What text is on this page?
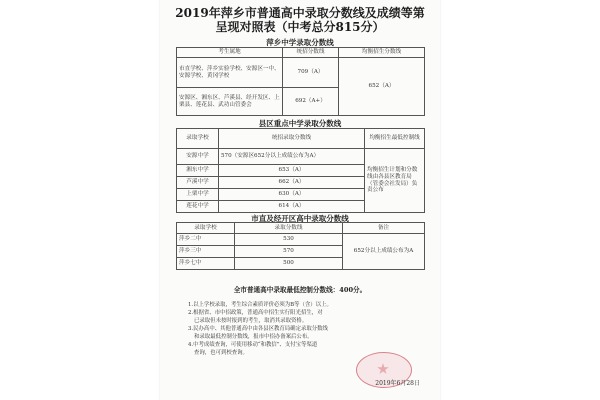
2019年萍乡市普通高中录取分数线及成绩等第
呈现对照表（中考总分815分）
萍乡中学录取分数线
考生属地	统招分数线	均衡招生分数线
市直学校、萍乡实验学校、安源区一中、安源学校、黄冈学校	709（A）	652（A）
安源区、湘东区、芦溪县、经开发区、上栗县、莲花县、武功山管委会	692（A+）	
县区重点中学录取分数线
录取学校	统招录取分数线	均衡招生最低控制线
安源中学	570（安源区652分以上成绩公布为A）	均衡招生计划和分数线由各县区教育局（管委会社发局）负责公布
湘东中学	653（A）	
芦溪中学	662（A）	
上栗中学	630（A）	
莲花中学	614（A）	
市直及经开区高中录取分数线
录取学校	录取分数线	备注
萍乡二中	530	652分以上成绩公布为A
萍乡三中	570	
萍乡七中	500	
全市普通高中录取最低控制分数线：400分。

1.以上学校录取，考生综合素质评价必须为B等（含）以上。

2.根据省、市中招政策，普通高中招生实行阳光招生，对

已录取但未按时报到的考生，取消其录取资格。

3.民办高中、其他普通高中由各县区教育局确定录取分数线

和录取最低控制分数线，报市中招办备案后公布。

4.中考成绩查询，可使用移动“和教信”、支付宝等渠道

查询，也可到校查询。

2019年6月28日
